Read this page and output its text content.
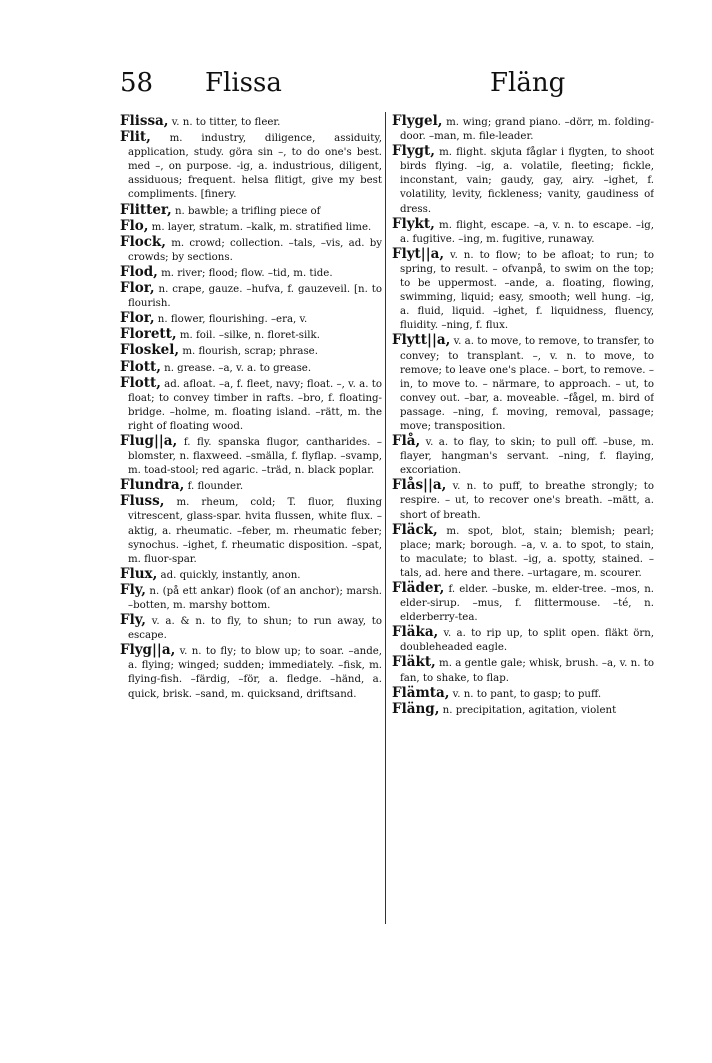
58 Flissa	Fläng

Flissa, v. n. to titter, to fleer.

Flit, m. industry, diligence, assiduity, application, study. göra sin –, to do one's best. med –, on purpose. -ig, a. industrious, diligent, assiduous; frequent. helsa flitigt, give my best compliments. [finery.

Flitter, n. bawble; a trifling piece of

Flo, m. layer, stratum. –kalk, m. stratified lime.

Flock, m. crowd; collection. –tals, –vis, ad. by crowds; by sections.

Flod, m. river; flood; flow. –tid, m. tide.

Flor, n. crape, gauze. –hufva, f. gauzeveil. [n. to flourish.

Flor, n. flower, flourishing. –era, v.

Florett, m. foil. –silke, n. floret-silk.

Floskel, m. flourish, scrap; phrase.

Flott, n. grease. –a, v. a. to grease.

Flott, ad. afloat. –a, f. fleet, navy; float. –, v. a. to float; to convey timber in rafts. –bro, f. floating-bridge. –holme, m. floating island. –rätt, m. the right of floating wood.

Flug||a, f. fly. spanska flugor, cantharides. –blomster, n. flaxweed. –smälla, f. flyflap. –svamp, m. toad-stool; red agaric. –träd, n. black poplar.

Flundra, f. flounder.

Fluss, m. rheum, cold; T. fluor, fluxing vitrescent, glass-spar. hvita flussen, white flux. –aktig, a. rheumatic. –feber, m. rheumatic feber; synochus. –ighet, f. rheumatic disposition. –spat, m. fluor-spar.

Flux, ad. quickly, instantly, anon.

Fly, n. (på ett ankar) flook (of an anchor); marsh. –botten, m. marshy bottom.

Fly, v. a. & n. to fly, to shun; to run away, to escape.

Flyg||a, v. n. to fly; to blow up; to soar. –ande, a. flying; winged; sudden; immediately. –fisk, m. flying-fish. –färdig, –för, a. fledge. –händ, a. quick, brisk. –sand, m. quicksand, driftsand.

Flygel, m. wing; grand piano. –dörr, m. folding-door. –man, m. file-leader.

Flygt, m. flight. skjuta fåglar i flygten, to shoot birds flying. –ig, a. volatile, fleeting; fickle, inconstant, vain; gaudy, gay, airy. –ighet, f. volatility, levity, fickleness; vanity, gaudiness of dress.

Flykt, m. flight, escape. –a, v. n. to escape. –ig, a. fugitive. –ing, m. fugitive, runaway.

Flyt||a, v. n. to flow; to be afloat; to run; to spring, to result. – ofvanpå, to swim on the top; to be uppermost. –ande, a. floating, flowing, swimming, liquid; easy, smooth; well hung. –ig, a. fluid, liquid. –ighet, f. liquidness, fluency, fluidity. –ning, f. flux.

Flytt||a, v. a. to move, to remove, to transfer, to convey; to transplant. –, v. n. to move, to remove; to leave one's place. – bort, to remove. – in, to move to. – närmare, to approach. – ut, to convey out. –bar, a. moveable. –fågel, m. bird of passage. –ning, f. moving, removal, passage; move; transposition.

Flå, v. a. to flay, to skin; to pull off. –buse, m. flayer, hangman's servant. –ning, f. flaying, excoriation.

Flås||a, v. n. to puff, to breathe strongly; to respire. – ut, to recover one's breath. –mätt, a. short of breath.

Fläck, m. spot, blot, stain; blemish; pearl; place; mark; borough. –a, v. a. to spot, to stain, to maculate; to blast. –ig, a. spotty, stained. –tals, ad. here and there. –urtagare, m. scourer.

Fläder, f. elder. –buske, m. elder-tree. –mos, n. elder-sirup. –mus, f. flittermouse. –té, n. elderberry-tea.

Fläka, v. a. to rip up, to split open. fläkt örn, doubleheaded eagle.

Fläkt, m. a gentle gale; whisk, brush. –a, v. n. to fan, to shake, to flap.

Flämta, v. n. to pant, to gasp; to puff.

Fläng, n. precipitation, agitation, violent
